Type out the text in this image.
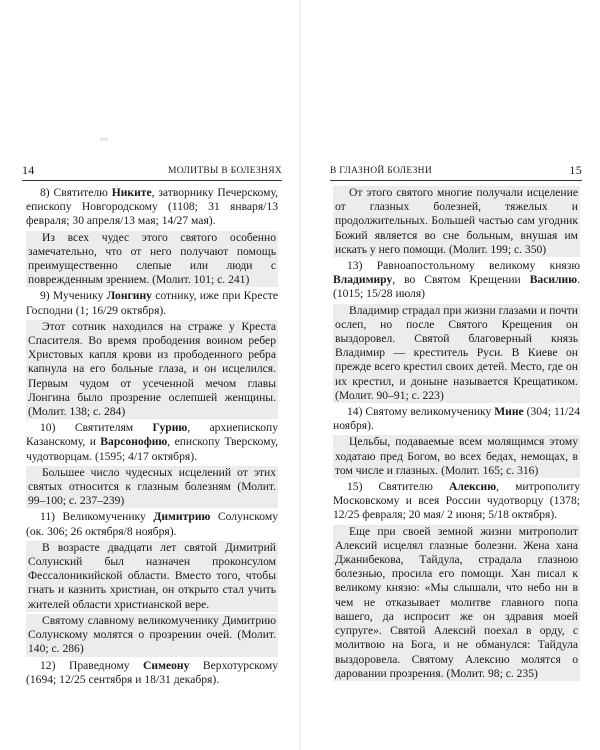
14	МОЛИТВЫ В БОЛЕЗНЯХ

8) Святителю Никите, затворнику Печерскому, епископу Новгородскому (1108; 31 января/13 февраля; 30 апреля/13 мая; 14/27 мая).

Из всех чудес этого святого особенно замечательно, что от него получают помощь преимущественно слепые или люди с поврежденным зрением. (Молит. 101; с. 241)

9) Мученику Лонгину сотнику, иже при Кресте Господни (1; 16/29 октября).

Этот сотник находился на страже у Креста Спасителя. Во время прободения воином ребер Христовых капля крови из прободенного ребра капнула на его больные глаза, и он исцелился. Первым чудом от усеченной мечом главы Лонгина было прозрение ослепшей женщины. (Молит. 138; с. 284)

10) Святителям Гурию, архиепископу Казанскому, и Варсонофию, епископу Тверскому, чудотворцам. (1595; 4/17 октября).

Большее число чудесных исцелений от этих святых относится к глазным болезням (Молит. 99–100; с. 237–239)

11) Великомученику Димитрию Солунскому (ок. 306; 26 октября/8 ноября).

В возрасте двадцати лет святой Димитрий Солунский был назначен проконсулом Фессалоникийской области. Вместо того, чтобы гнать и казнить христиан, он открыто стал учить жителей области христианской вере.

Святому славному великомученику Димитрию Солунскому молятся о прозрении очей. (Молит. 140; с. 286)

12) Праведному Симеону Верхотурскому (1694; 12/25 сентября и 18/31 декабря).

В ГЛАЗНОЙ БОЛЕЗНИ	15

От этого святого многие получали исцеление от глазных болезней, тяжелых и продолжительных. Большей частью сам угодник Божий является во сне больным, внушая им искать у него помощи. (Молит. 199; с. 350)

13) Равноапостольному великому князю Владимиру, во Святом Крещении Василию. (1015; 15/28 июля)

Владимир страдал при жизни глазами и почти ослеп, но после Святого Крещения он выздоровел. Святой благоверный князь Владимир — креститель Руси. В Киеве он прежде всего крестил своих детей. Место, где он их крестил, и доныне называется Крещатиком. (Молит. 90–91; с. 223)

14) Святому великомученику Мине (304; 11/24 ноября).

Цельбы, подаваемые всем молящимся этому ходатаю пред Богом, во всех бедах, немощах, в том числе и глазных. (Молит. 165; с. 316)

15) Святителю Алексию, митрополиту Московскому и всея России чудотворцу (1378; 12/25 февраля; 20 мая/ 2 июня; 5/18 октября).

Еще при своей земной жизни митрополит Алексий исцелял глазные болезни. Жена хана Джанибекова, Тайдула, страдала глазною болезнью, просила его помощи. Хан писал к великому князю: «Мы слышали, что небо ни в чем не отказывает молитве главного попа вашего, да испросит же он здравия моей супруге». Святой Алексий поехал в орду, с молитвою на Бога, и не обманулся: Тайдула выздоровела. Святому Алексию молятся о даровании прозрения. (Молит. 98; с. 235)
